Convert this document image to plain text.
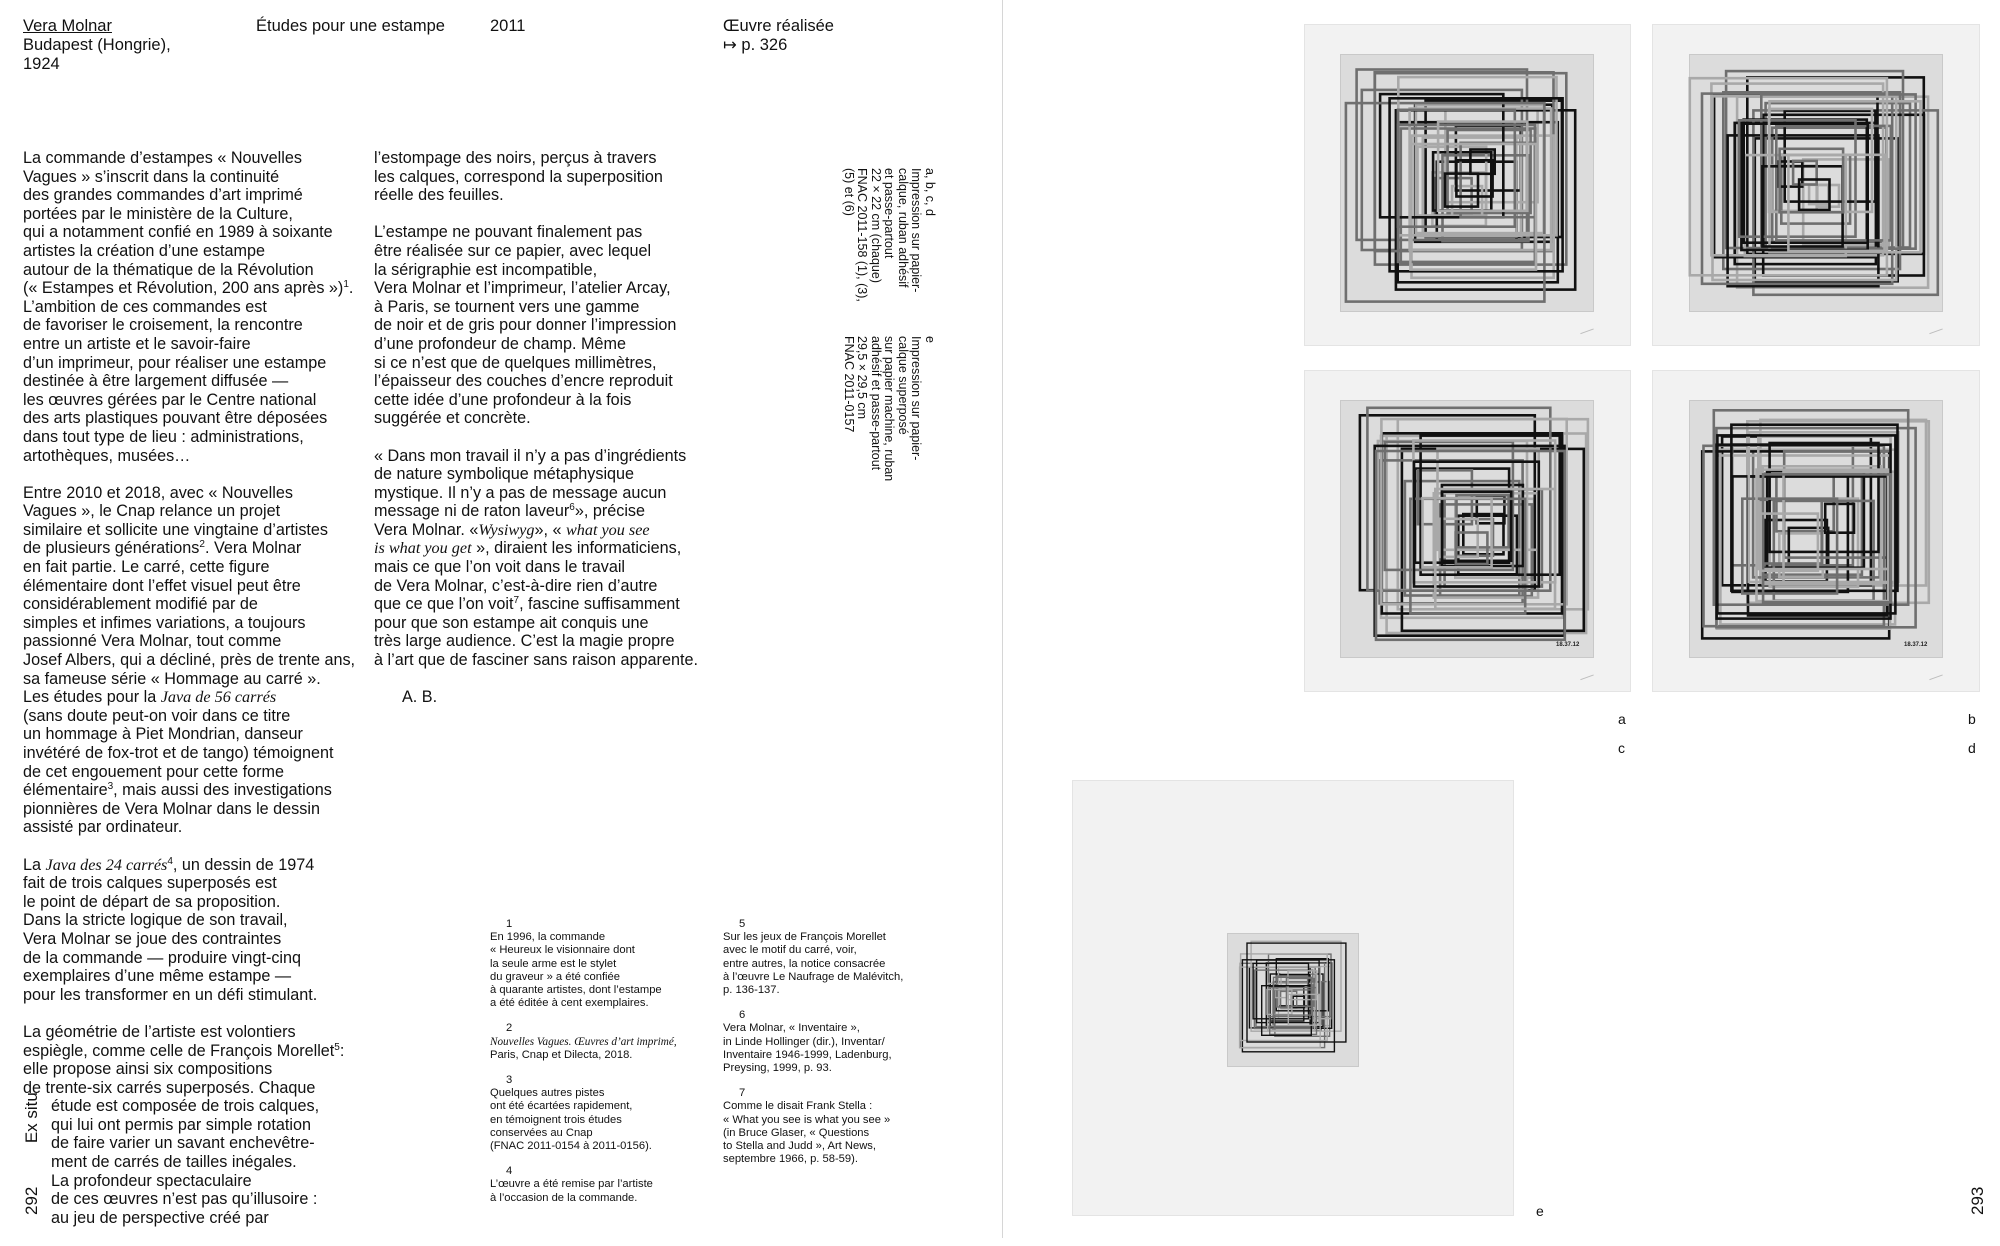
Vera Molnar
Budapest (Hongrie),
1924
Études pour une estampe	2011	Œuvre réalisée
↦ p. 326

La commande d’estampes « Nouvelles
Vagues » s’inscrit dans la continuité
des grandes commandes d’art imprimé
portées par le ministère de la Culture,
qui a notamment confié en 1989 à soixante
artistes la création d’une estampe
autour de la thématique de la Révolution
(« Estampes et Révolution, 200 ans après »)$^1$.
L’ambition de ces commandes est
de favoriser le croisement, la rencontre
entre un artiste et le savoir-faire
d’un imprimeur, pour réaliser une estampe
destinée à être largement diffusée —
les œuvres gérées par le Centre national
des arts plastiques pouvant être déposées
dans tout type de lieu : administrations,
artothèques, musées…

Entre 2010 et 2018, avec « Nouvelles
Vagues », le Cnap relance un projet
similaire et sollicite une vingtaine d’artistes
de plusieurs générations$^2$. Vera Molnar
en fait partie. Le carré, cette figure
élémentaire dont l’effet visuel peut être
considérablement modifié par de
simples et infimes variations, a toujours
passionné Vera Molnar, tout comme
Josef Albers, qui a décliné, près de trente ans,
sa fameuse série « Hommage au carré ».
Les études pour la Java de 56 carrés
(sans doute peut-on voir dans ce titre
un hommage à Piet Mondrian, danseur
invétéré de fox-trot et de tango) témoignent
de cet engouement pour cette forme
élémentaire$^3$, mais aussi des investigations
pionnières de Vera Molnar dans le dessin
assisté par ordinateur.

La Java des 24 carrés$^4$, un dessin de 1974
fait de trois calques superposés est
le point de départ de sa proposition.
Dans la stricte logique de son travail,
Vera Molnar se joue des contraintes
de la commande — produire vingt-cinq
exemplaires d’une même estampe —
pour les transformer en un défi stimulant.

La géométrie de l’artiste est volontiers
espiègle, comme celle de François Morellet$^5$:
elle propose ainsi six compositions
de trente-six carrés superposés. Chaque
étude est composée de trois calques,
qui lui ont permis par simple rotation
de faire varier un savant enchevêtre-
ment de carrés de tailles inégales.
La profondeur spectaculaire
de ces œuvres n’est pas qu’illusoire :
au jeu de perspective créé par

l’estompage des noirs, perçus à travers
les calques, correspond la superposition
réelle des feuilles.

L’estampe ne pouvant finalement pas
être réalisée sur ce papier, avec lequel
la sérigraphie est incompatible,
Vera Molnar et l’imprimeur, l’atelier Arcay,
à Paris, se tournent vers une gamme
de noir et de gris pour donner l’impression
d’une profondeur de champ. Même
si ce n’est que de quelques millimètres,
l’épaisseur des couches d’encre reproduit
cette idée d’une profondeur à la fois
suggérée et concrète.

« Dans mon travail il n’y a pas d’ingrédients
de nature symbolique métaphysique
mystique. Il n’y a pas de message aucun
message ni de raton laveur$^6$», précise
Vera Molnar. «Wysiwyg», « what you see
is what you get », diraient les informaticiens,
mais ce que l’on voit dans le travail
de Vera Molnar, c’est-à-dire rien d’autre
que ce que l’on voit$^7$, fascine suffisamment
pour que son estampe ait conquis une
très large audience. C’est la magie propre
à l’art que de fasciner sans raison apparente.

A. B.

a, b, c, d
Impression sur papier-
calque, ruban adhésif
et passe-partout
22 × 22 cm (chaque)
FNAC 2011-158 (1), (3),
(5) et (6)
e
Impression sur papier-
calque superposé
sur papier machine, ruban
adhésif et passe-partout
29,5 × 29,5 cm
FNAC 2011-0157
1
En 1996, la commande
« Heureux le visionnaire dont
la seule arme est le stylet
du graveur » a été confiée
à quarante artistes, dont l’estampe
a été éditée à cent exemplaires.
2
Nouvelles Vagues. Œuvres d’art imprimé,
Paris, Cnap et Dilecta, 2018.
3
Quelques autres pistes
ont été écartées rapidement,
en témoignent trois études
conservées au Cnap
(FNAC 2011-0154 à 2011-0156).
4
L’œuvre a été remise par l’artiste
à l’occasion de la commande.
5
Sur les jeux de François Morellet
avec le motif du carré, voir,
entre autres, la notice consacrée
à l’œuvre Le Naufrage de Malévitch,
p. 136-137.
6
Vera Molnar, « Inventaire »,
in Linde Hollinger (dir.), Inventar/
Inventaire 1946-1999, Ladenburg,
Preysing, 1999, p. 93.
7
Comme le disait Frank Stella :
« What you see is what you see »
(in Bruce Glaser, « Questions
to Stella and Judd », Art News,
septembre 1966, p. 58-59).
292  Ex situ
293
18.37.12	18.37.12
a	b
c	d
e
